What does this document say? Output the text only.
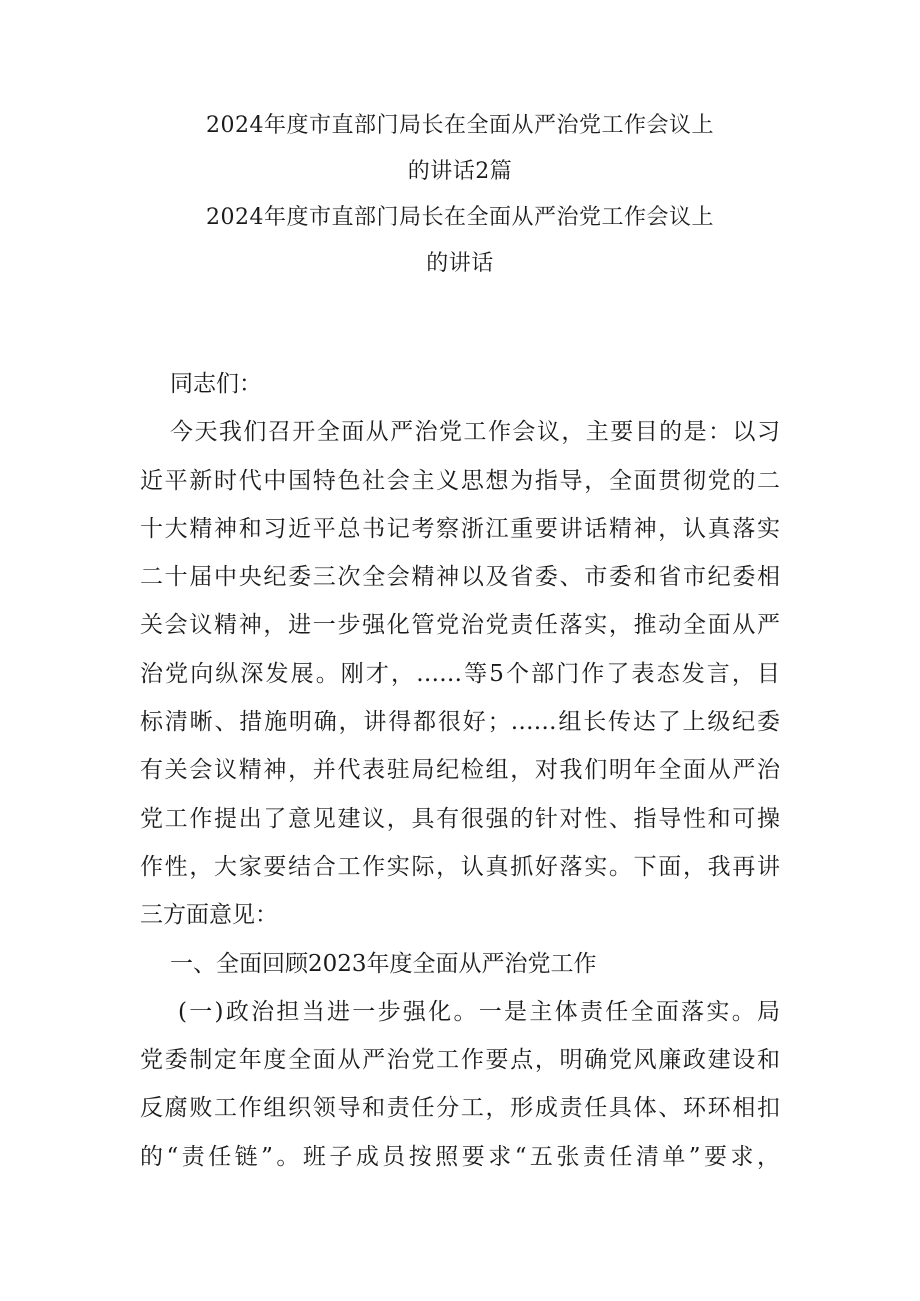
2024年度市直部门局长在全面从严治党工作会议上
的讲话2篇
2024年度市直部门局长在全面从严治党工作会议上
的讲话
同志们：
今天我们召开全面从严治党工作会议，主要目的是：以习
近平新时代中国特色社会主义思想为指导，全面贯彻党的二
十大精神和习近平总书记考察浙江重要讲话精神，认真落实
二十届中央纪委三次全会精神以及省委、市委和省市纪委相
关会议精神，进一步强化管党治党责任落实，推动全面从严
治党向纵深发展。刚才，……等5个部门作了表态发言，目
标清晰、措施明确，讲得都很好；……组长传达了上级纪委
有关会议精神，并代表驻局纪检组，对我们明年全面从严治
党工作提出了意见建议，具有很强的针对性、指导性和可操
作性，大家要结合工作实际，认真抓好落实。下面，我再讲
三方面意见：
一、全面回顾2023年度全面从严治党工作
(一)政治担当进一步强化。一是主体责任全面落实。局
党委制定年度全面从严治党工作要点，明确党风廉政建设和
反腐败工作组织领导和责任分工，形成责任具体、环环相扣
的“责任链”。班子成员按照要求“五张责任清单”要求，
